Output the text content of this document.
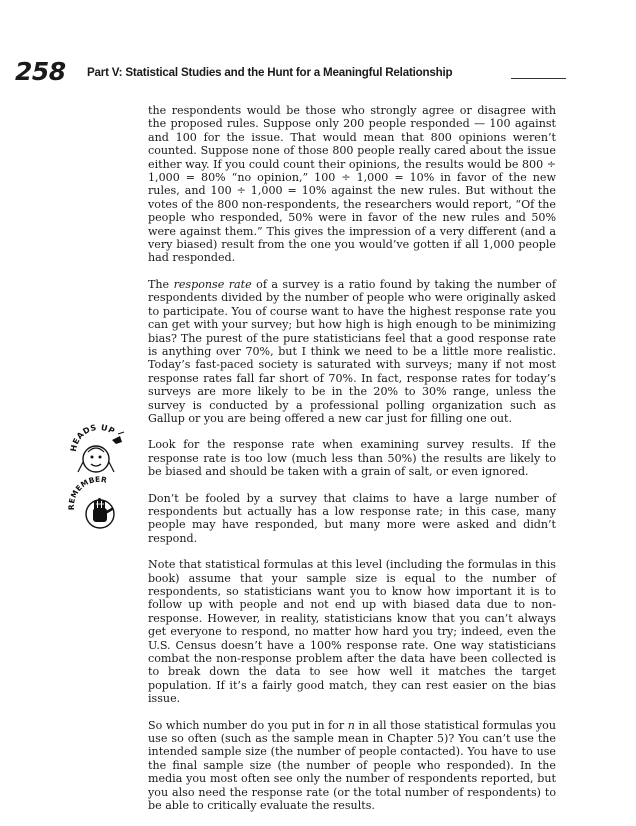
258 Part V: Statistical Studies and the Hunt for a Meaningful Relationship
HEADS UP
REMEMBER

the respondents would be those who strongly agree or disagree with the proposed rules. Suppose only 200 people responded — 100 against and 100 for the issue. That would mean that 800 opinions weren’t counted. Suppose none of those 800 people really cared about the issue either way. If you could count their opinions, the results would be 800 ÷ 1,000 = 80% “no opinion,” 100 ÷ 1,000 = 10% in favor of the new rules, and 100 ÷ 1,000 = 10% against the new rules. But without the votes of the 800 non-respondents, the researchers would report, “Of the people who responded, 50% were in favor of the new rules and 50% were against them.” This gives the impression of a very different (and a very biased) result from the one you would’ve gotten if all 1,000 people had responded.

The response rate of a survey is a ratio found by taking the number of respondents divided by the number of people who were originally asked to participate. You of course want to have the highest response rate you can get with your survey; but how high is high enough to be minimizing bias? The purest of the pure statisticians feel that a good response rate is anything over 70%, but I think we need to be a little more realistic. Today’s fast-paced society is saturated with surveys; many if not most response rates fall far short of 70%. In fact, response rates for today’s surveys are more likely to be in the 20% to 30% range, unless the survey is conducted by a professional polling organization such as Gallup or you are being offered a new car just for filling one out.

Look for the response rate when examining survey results. If the response rate is too low (much less than 50%) the results are likely to be biased and should be taken with a grain of salt, or even ignored.

Don’t be fooled by a survey that claims to have a large number of respondents but actually has a low response rate; in this case, many people may have responded, but many more were asked and didn’t respond.

Note that statistical formulas at this level (including the formulas in this book) assume that your sample size is equal to the number of respondents, so statisticians want you to know how important it is to follow up with people and not end up with biased data due to non-response. However, in reality, statisticians know that you can’t always get everyone to respond, no matter how hard you try; indeed, even the U.S. Census doesn’t have a 100% response rate. One way statisticians combat the non-response problem after the data have been collected is to break down the data to see how well it matches the target population. If it’s a fairly good match, they can rest easier on the bias issue.

So which number do you put in for n in all those statistical formulas you use so often (such as the sample mean in Chapter 5)? You can’t use the intended sample size (the number of people contacted). You have to use the final sample size (the number of people who responded). In the media you most often see only the number of respondents reported, but you also need the response rate (or the total number of respondents) to be able to critically evaluate the results.
